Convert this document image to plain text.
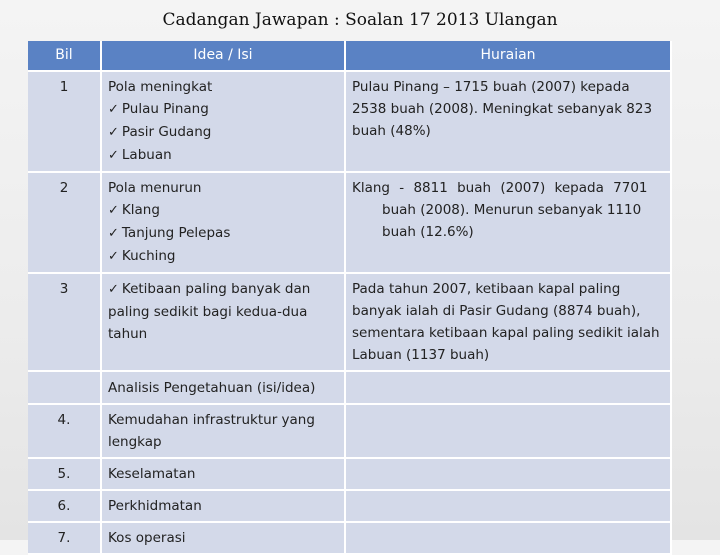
Cadangan Jawapan : Soalan 17 2013 Ulangan
Bil	Idea / Isi	Huraian
1	Pola meningkat
✓ Pulau Pinang
✓ Pasir Gudang
✓ Labuan	Pulau Pinang – 1715 buah (2007) kepada 2538 buah (2008). Meningkat sebanyak 823 buah (48%)
2	Pola menurun
✓ Klang
✓ Tanjung Pelepas
✓ Kuching	Klang - 8811 buah (2007) kepada 7701
buah (2008). Menurun sebanyak 1110 buah (12.6%)

3	✓ Ketibaan paling banyak dan paling sedikit bagi kedua-dua tahun	Pada tahun 2007, ketibaan kapal paling banyak ialah di Pasir Gudang (8874 buah), sementara ketibaan kapal paling sedikit ialah Labuan (1137 buah)
	Analisis Pengetahuan (isi/idea)	
4.	Kemudahan infrastruktur yang lengkap	
5.	Keselamatan	
6.	Perkhidmatan	
7.	Kos operasi	
